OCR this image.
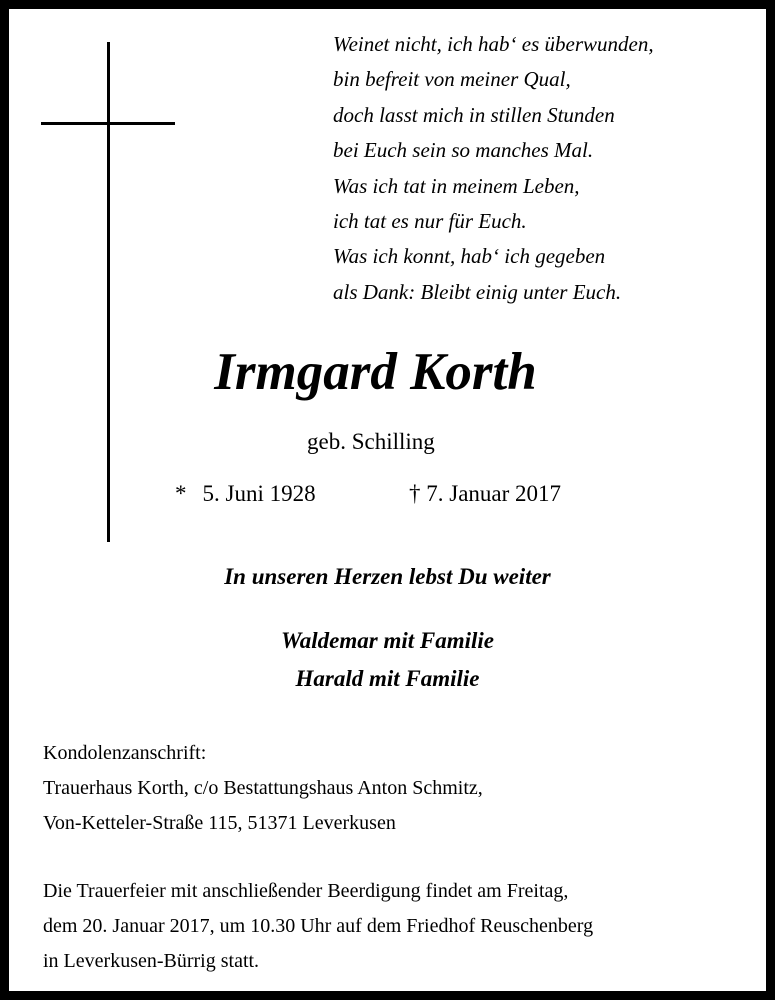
Weinet nicht, ich hab‘ es überwunden,
bin befreit von meiner Qual,
doch lasst mich in stillen Stunden
bei Euch sein so manches Mal.
Was ich tat in meinem Leben,
ich tat es nur für Euch.
Was ich konnt, hab‘ ich gegeben
als Dank: Bleibt einig unter Euch.
Irmgard Korth
geb. Schilling
* 5. Juni 1928	† 7. Januar 2017
In unseren Herzen lebst Du weiter
Waldemar mit Familie
Harald mit Familie
Kondolenzanschrift:
Trauerhaus Korth, c/o Bestattungshaus Anton Schmitz,
Von-Ketteler-Straße 115, 51371 Leverkusen
Die Trauerfeier mit anschließender Beerdigung findet am Freitag,
dem 20. Januar 2017, um 10.30 Uhr auf dem Friedhof Reuschenberg
in Leverkusen-Bürrig statt.
